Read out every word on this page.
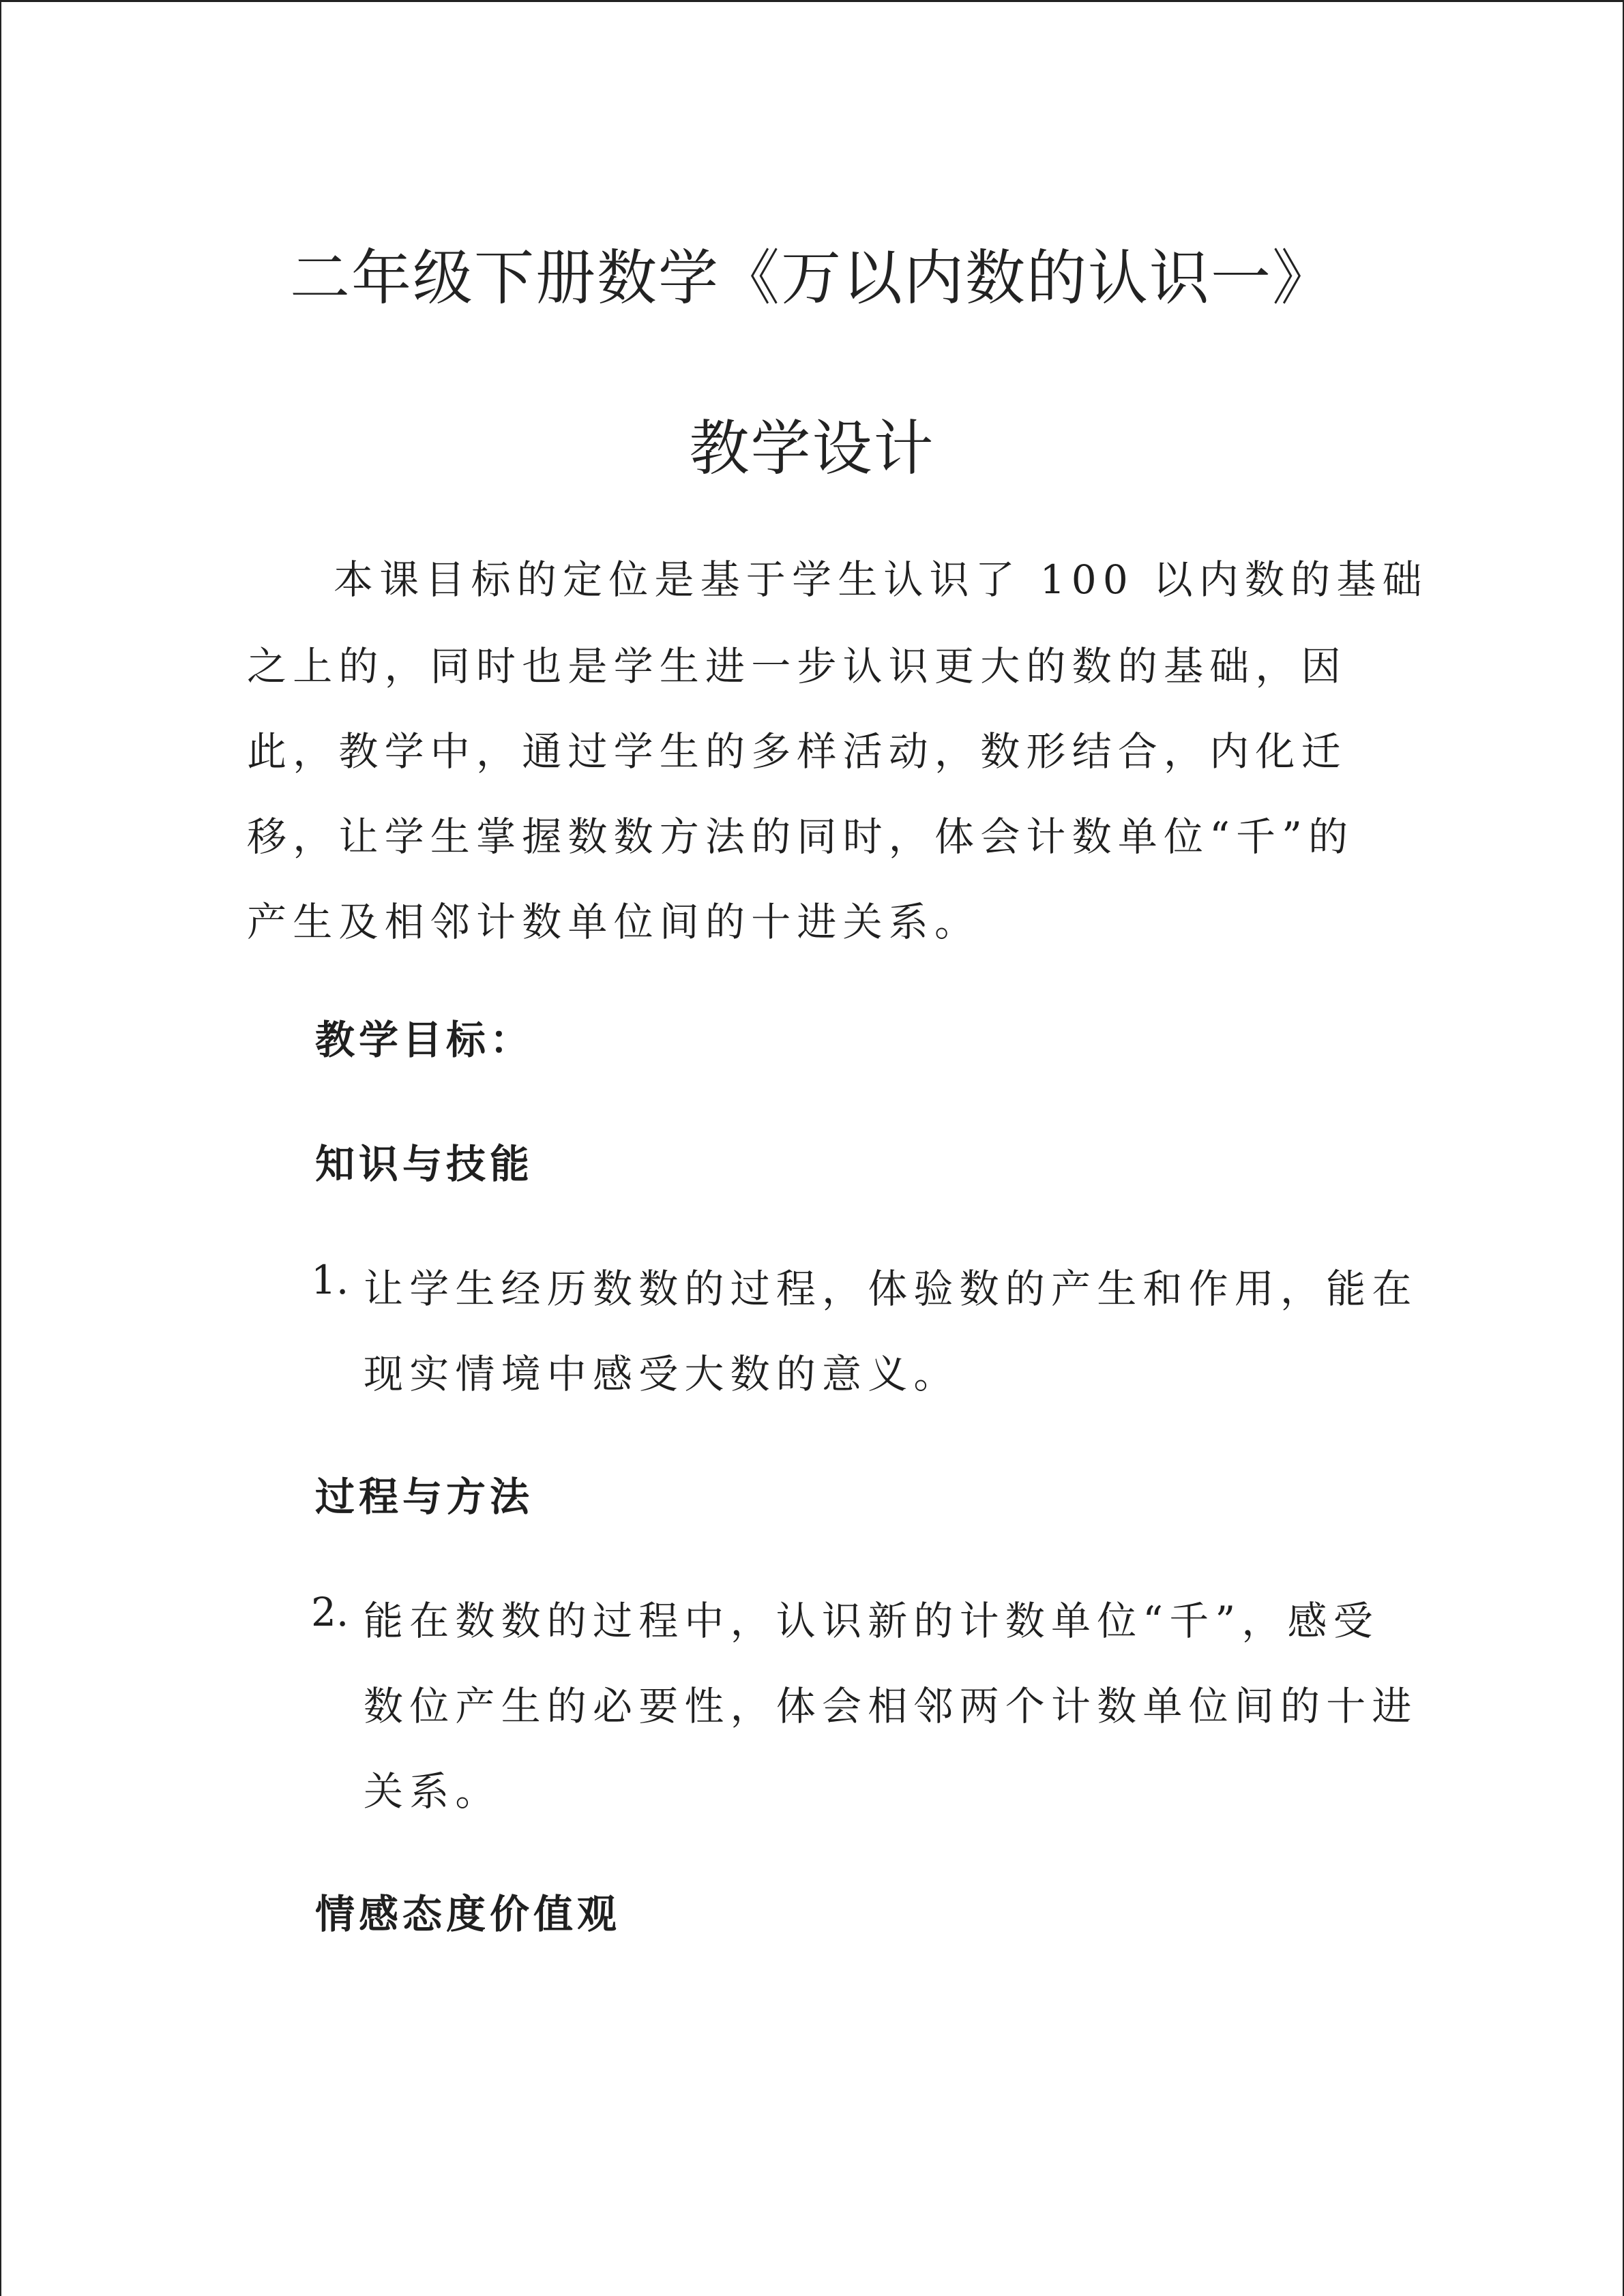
二年级下册数学《万以内数的认识一》
教学设计
本课目标的定位是基于学生认识了 100 以内数的基础
之上的，同时也是学生进一步认识更大的数的基础，因
此，教学中，通过学生的多样活动，数形结合，内化迁
移，让学生掌握数数方法的同时，体会计数单位“千”的
产生及相邻计数单位间的十进关系。
教学目标：
知识与技能
1. 让学生经历数数的过程，体验数的产生和作用，能在
现实情境中感受大数的意义。
过程与方法
2. 能在数数的过程中，认识新的计数单位“千”，感受
数位产生的必要性，体会相邻两个计数单位间的十进
关系。
情感态度价值观
